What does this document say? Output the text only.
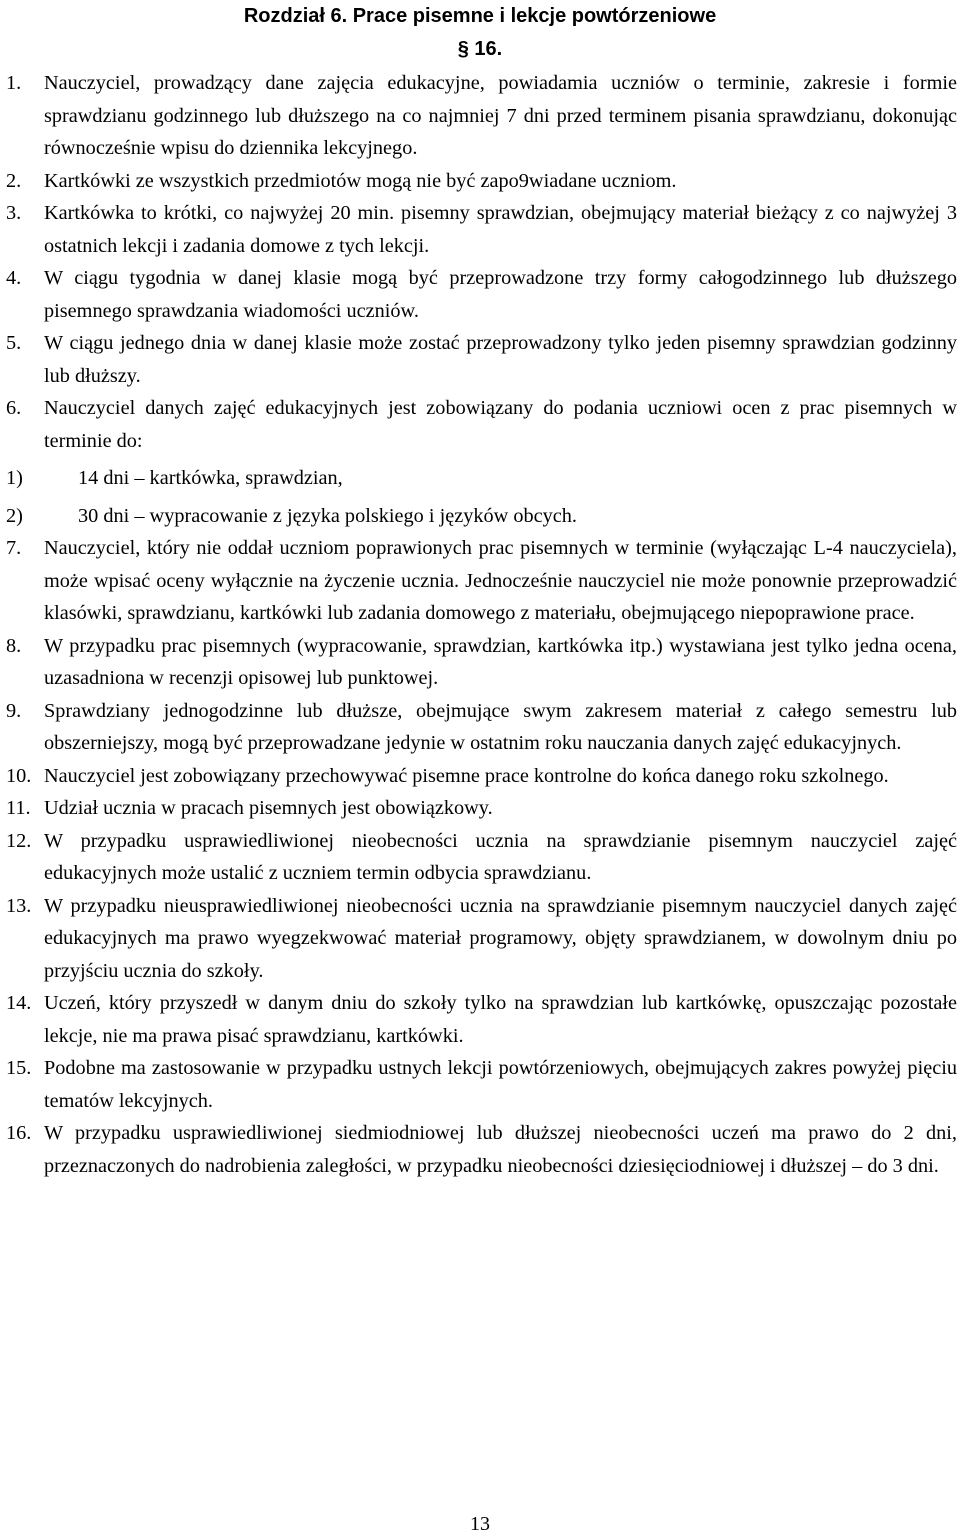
Rozdział 6. Prace pisemne i lekcje powtórzeniowe
§ 16.
1. Nauczyciel, prowadzący dane zajęcia edukacyjne, powiadamia uczniów o terminie, zakresie i formie sprawdzianu godzinnego lub dłuższego na co najmniej 7 dni przed terminem pisania sprawdzianu, dokonując równocześnie wpisu do dziennika lekcyjnego.
2. Kartkówki ze wszystkich przedmiotów mogą nie być zapo9wiadane uczniom.
3. Kartkówka to krótki, co najwyżej 20 min. pisemny sprawdzian, obejmujący materiał bieżący z co najwyżej 3 ostatnich lekcji i zadania domowe z tych lekcji.
4. W ciągu tygodnia w danej klasie mogą być przeprowadzone trzy formy całogodzinnego lub dłuższego pisemnego sprawdzania wiadomości uczniów.
5. W ciągu jednego dnia w danej klasie może zostać przeprowadzony tylko jeden pisemny sprawdzian godzinny lub dłuższy.
6. Nauczyciel danych zajęć edukacyjnych jest zobowiązany do podania uczniowi ocen z prac pisemnych w terminie do:
1)	14 dni – kartkówka, sprawdzian,
2)	30 dni – wypracowanie z języka polskiego i języków obcych.
7. Nauczyciel, który nie oddał uczniom poprawionych prac pisemnych w terminie (wyłączając L-4 nauczyciela), może wpisać oceny wyłącznie na życzenie ucznia. Jednocześnie nauczyciel nie może ponownie przeprowadzić klasówki, sprawdzianu, kartkówki lub zadania domowego z materiału, obejmującego niepoprawione prace.
8. W przypadku prac pisemnych (wypracowanie, sprawdzian, kartkówka itp.) wystawiana jest tylko jedna ocena, uzasadniona w recenzji opisowej lub punktowej.
9. Sprawdziany jednogodzinne lub dłuższe, obejmujące swym zakresem materiał z całego semestru lub obszerniejszy, mogą być przeprowadzane jedynie w ostatnim roku nauczania danych zajęć edukacyjnych.
10. Nauczyciel jest zobowiązany przechowywać pisemne prace kontrolne do końca danego roku szkolnego.
11. Udział ucznia w pracach pisemnych jest obowiązkowy.
12. W przypadku usprawiedliwionej nieobecności ucznia na sprawdzianie pisemnym nauczyciel zajęć edukacyjnych może ustalić z uczniem termin odbycia sprawdzianu.
13. W przypadku nieusprawiedliwionej nieobecności ucznia na sprawdzianie pisemnym nauczyciel danych zajęć edukacyjnych ma prawo wyegzekwować materiał programowy, objęty sprawdzianem, w dowolnym dniu po przyjściu ucznia do szkoły.
14. Uczeń, który przyszedł w danym dniu do szkoły tylko na sprawdzian lub kartkówkę, opuszczając pozostałe lekcje, nie ma prawa pisać sprawdzianu, kartkówki.
15. Podobne ma zastosowanie w przypadku ustnych lekcji powtórzeniowych, obejmujących zakres powyżej pięciu tematów lekcyjnych.
16. W przypadku usprawiedliwionej siedmiodniowej lub dłuższej nieobecności uczeń ma prawo do 2 dni, przeznaczonych do nadrobienia zaległości, w przypadku nieobecności dziesięciodniowej i dłuższej – do 3 dni.
13
